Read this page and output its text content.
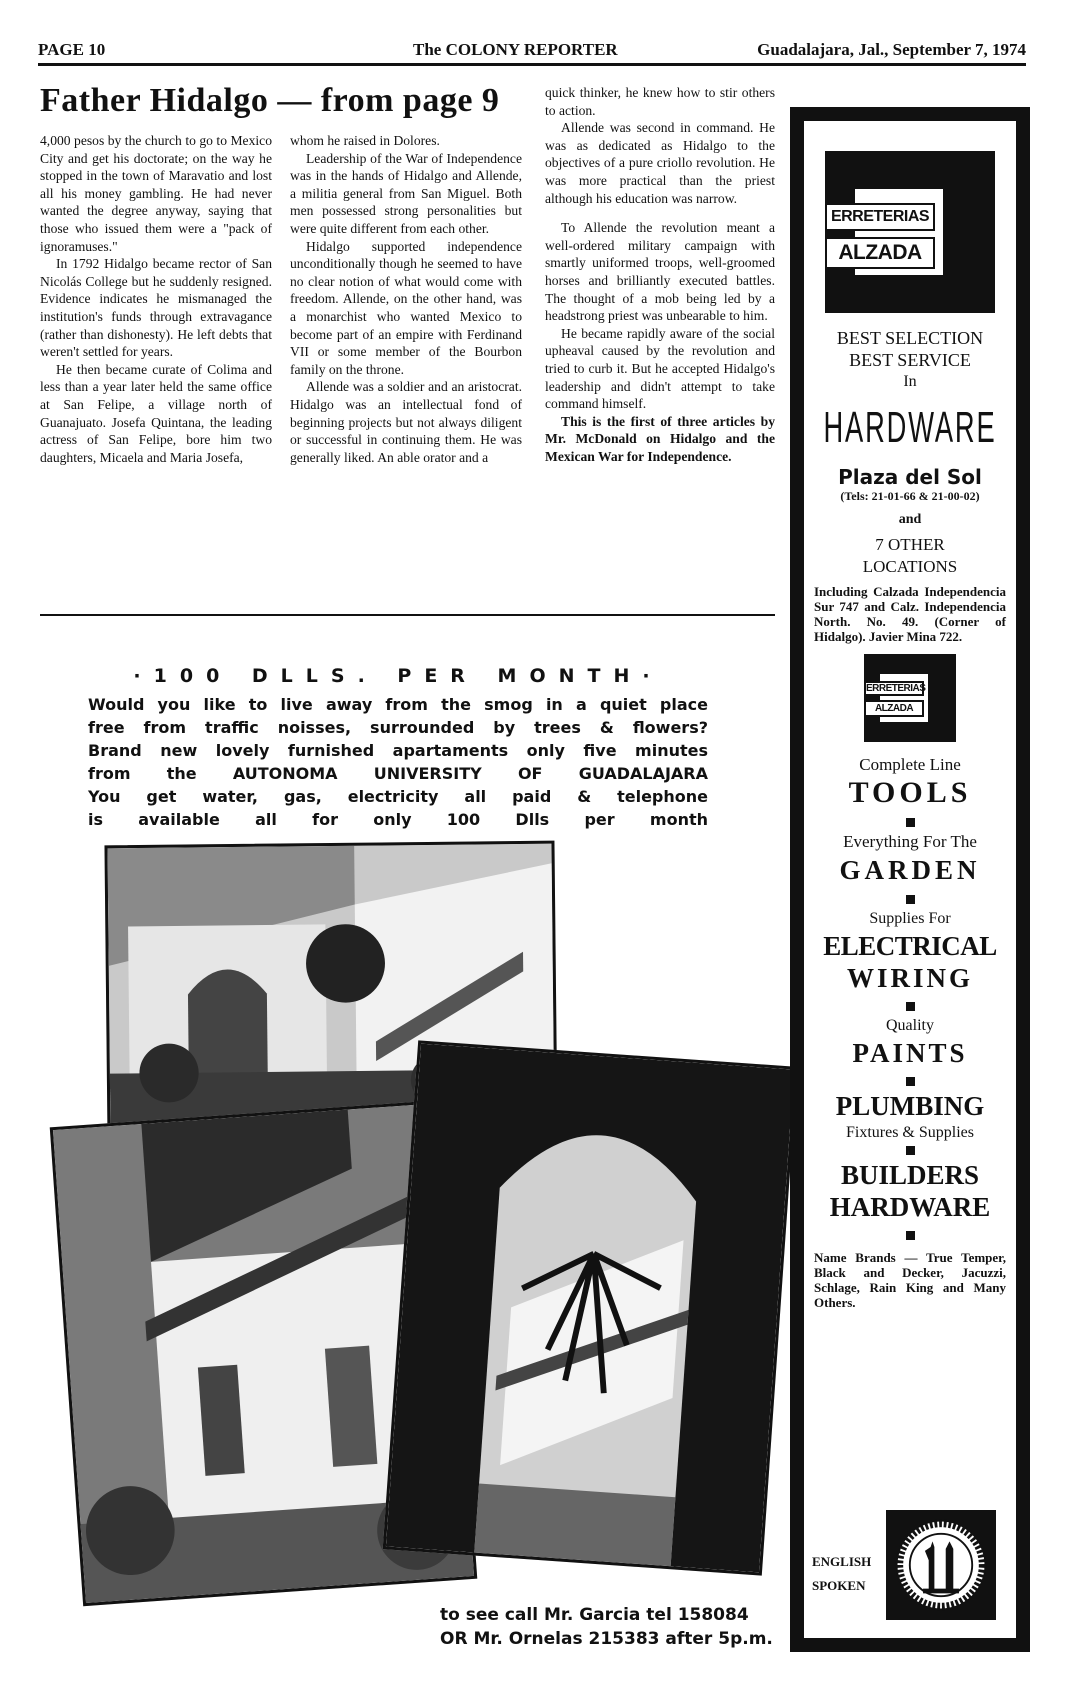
PAGE 10	The COLONY REPORTER	Guadalajara, Jal., September 7, 1974
Father Hidalgo — from page 9

4,000 pesos by the church to go to Mexico City and get his doctorate; on the way he stopped in the town of Maravatio and lost all his money gambling. He had never wanted the degree anyway, saying that those who issued them were a "pack of ignoramuses."

In 1792 Hidalgo became rector of San Nicolás College but he suddenly resigned. Evidence indicates he mismanaged the institution's funds through extravagance (rather than dishonesty). He left debts that weren't settled for years.

He then became curate of Colima and less than a year later held the same office at San Felipe, a village north of Guanajuato. Josefa Quintana, the leading actress of San Felipe, bore him two daughters, Micaela and Maria Josefa,

whom he raised in Dolores.

Leadership of the War of Independence was in the hands of Hidalgo and Allende, a militia general from San Miguel. Both men possessed strong personalities but were quite different from each other.

Hidalgo supported independence unconditionally though he seemed to have no clear notion of what would come with freedom. Allende, on the other hand, was a monarchist who wanted Mexico to become part of an empire with Ferdinand VII or some member of the Bourbon family on the throne.

Allende was a soldier and an aristocrat. Hidalgo was an intellectual fond of beginning projects but not always diligent or successful in continuing them. He was generally liked. An able orator and a

quick thinker, he knew how to stir others to action.

Allende was second in command. He was as dedicated as Hidalgo to the objectives of a pure criollo revolution. He was more practical than the priest although his education was narrow.

To Allende the revolution meant a well-ordered military campaign with smartly uniformed troops, well-groomed horses and brilliantly executed battles. The thought of a mob being led by a headstrong priest was unbearable to him.

He became rapidly aware of the social upheaval caused by the revolution and tried to curb it. But he accepted Hidalgo's leadership and didn't attempt to take command himself.

This is the first of three articles by Mr. McDonald on Hidalgo and the Mexican War for Independence.

·100 DLLS. PER MONTH·
Would you like to live away from the smog in a quiet place
free from traffic noisses, surrounded by trees & flowers?
Brand new lovely furnished apartaments only five minutes
from the AUTONOMA UNIVERSITY OF GUADALAJARA
You get water, gas, electricity all paid & telephone
is available all for only 100 Dlls per month
to see call Mr. Garcia tel 158084
OR Mr. Ornelas 215383 after 5p.m.
ERRETERIAS
ALZADA
BEST SELECTION
BEST SERVICE
In
HARDWARE
Plaza del Sol
(Tels: 21-01-66 & 21-00-02)
and
7 OTHER LOCATIONS
Including Calzada Independencia Sur 747 and Calz. Independencia North. No. 49. (Corner of Hidalgo). Javier Mina 722.
ERRETERIAS
ALZADA
Complete Line
TOOLS
Everything For The
GARDEN
Supplies For
ELECTRICAL
WIRING
Quality
PAINTS
PLUMBING
Fixtures & Supplies
BUILDERS
HARDWARE
Name Brands — True Temper, Black and Decker, Jacuzzi, Schlage, Rain King and Many Others.
ENGLISH
SPOKEN
